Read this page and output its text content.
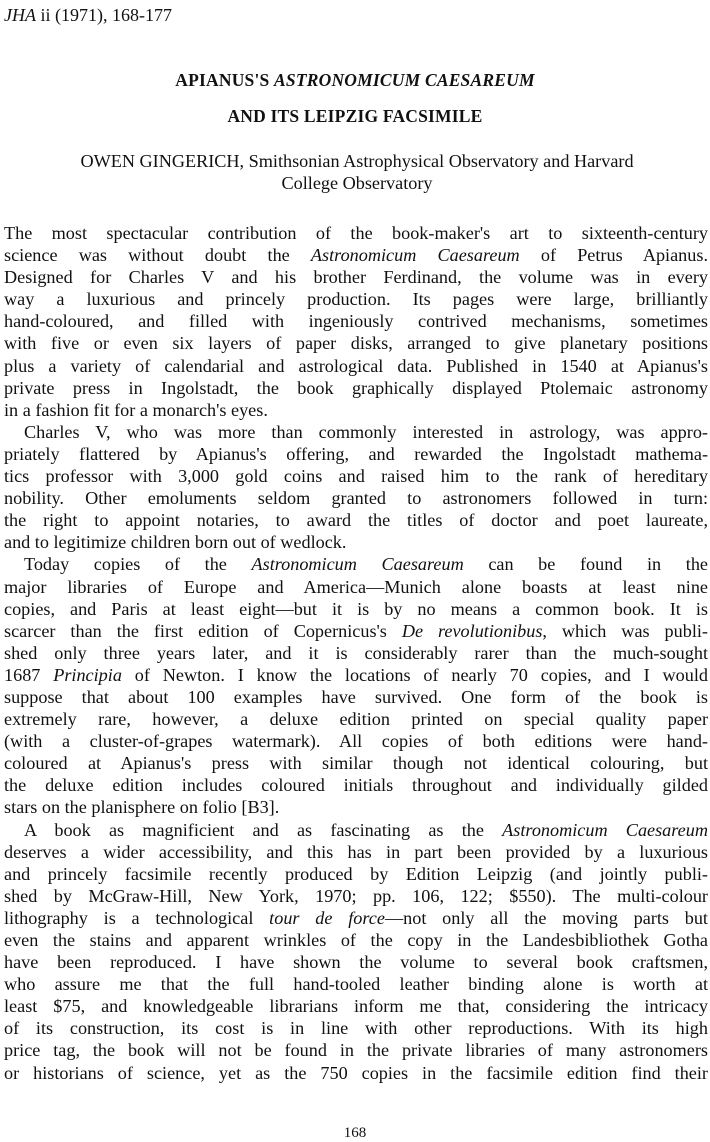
JHA ii (1971), 168-177
APIANUS'S ASTRONOMICUM CAESAREUM
AND ITS LEIPZIG FACSIMILE
OWEN GINGERICH, Smithsonian Astrophysical Observatory and Harvard
College Observatory
The most spectacular contribution of the book-maker's art to sixteenth-century
science was without doubt the Astronomicum Caesareum of Petrus Apianus.
Designed for Charles V and his brother Ferdinand, the volume was in every
way a luxurious and princely production. Its pages were large, brilliantly
hand-coloured, and filled with ingeniously contrived mechanisms, sometimes
with five or even six layers of paper disks, arranged to give planetary positions
plus a variety of calendarial and astrological data. Published in 1540 at Apianus's
private press in Ingolstadt, the book graphically displayed Ptolemaic astronomy
in a fashion fit for a monarch's eyes.
Charles V, who was more than commonly interested in astrology, was appro-
priately flattered by Apianus's offering, and rewarded the Ingolstadt mathema-
tics professor with 3,000 gold coins and raised him to the rank of hereditary
nobility. Other emoluments seldom granted to astronomers followed in turn:
the right to appoint notaries, to award the titles of doctor and poet laureate,
and to legitimize children born out of wedlock.
Today copies of the Astronomicum Caesareum can be found in the
major libraries of Europe and America—Munich alone boasts at least nine
copies, and Paris at least eight—but it is by no means a common book. It is
scarcer than the first edition of Copernicus's De revolutionibus, which was publi-
shed only three years later, and it is considerably rarer than the much-sought
1687 Principia of Newton. I know the locations of nearly 70 copies, and I would
suppose that about 100 examples have survived. One form of the book is
extremely rare, however, a deluxe edition printed on special quality paper
(with a cluster-of-grapes watermark). All copies of both editions were hand-
coloured at Apianus's press with similar though not identical colouring, but
the deluxe edition includes coloured initials throughout and individually gilded
stars on the planisphere on folio [B3].
A book as magnificient and as fascinating as the Astronomicum Caesareum
deserves a wider accessibility, and this has in part been provided by a luxurious
and princely facsimile recently produced by Edition Leipzig (and jointly publi-
shed by McGraw-Hill, New York, 1970; pp. 106, 122; $550). The multi-colour
lithography is a technological tour de force—not only all the moving parts but
even the stains and apparent wrinkles of the copy in the Landesbibliothek Gotha
have been reproduced. I have shown the volume to several book craftsmen,
who assure me that the full hand-tooled leather binding alone is worth at
least $75, and knowledgeable librarians inform me that, considering the intricacy
of its construction, its cost is in line with other reproductions. With its high
price tag, the book will not be found in the private libraries of many astronomers
or historians of science, yet as the 750 copies in the facsimile edition find their
168
